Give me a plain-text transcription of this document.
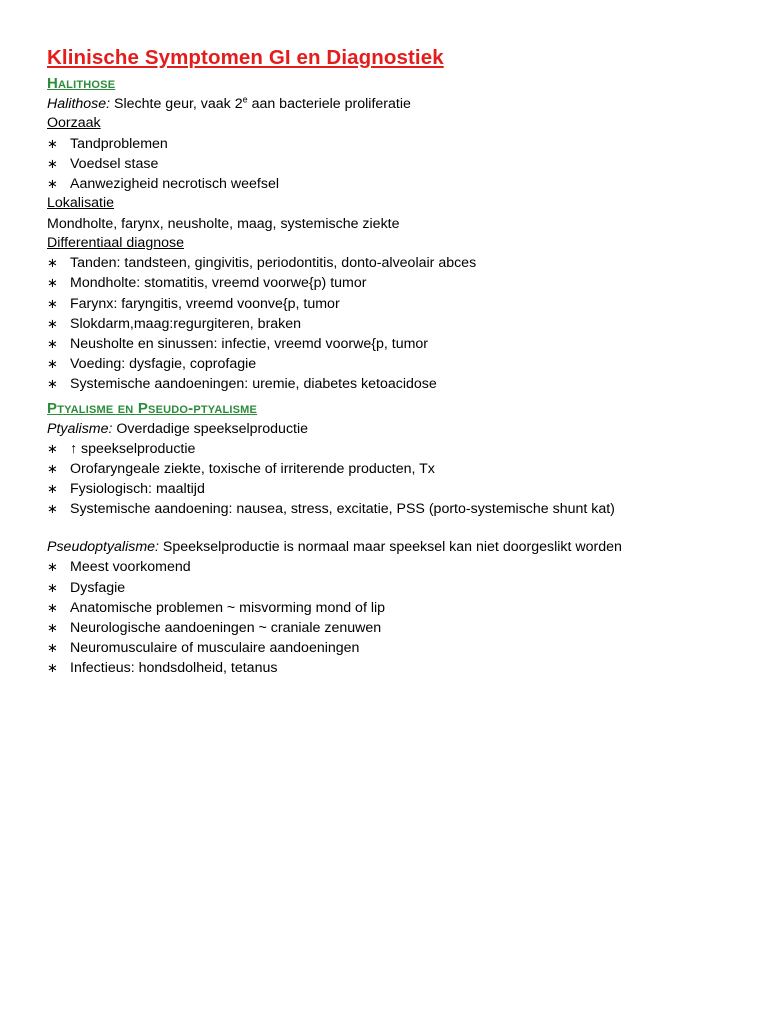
Klinische Symptomen GI en Diagnostiek
Halithose
Halithose: Slechte geur, vaak 2e aan bacteriele proliferatie
Oorzaak
∗ Tandproblemen
∗ Voedsel stase
∗ Aanwezigheid necrotisch weefsel
Lokalisatie
Mondholte, farynx, neusholte, maag, systemische ziekte
Differentiaal diagnose
∗ Tanden: tandsteen, gingivitis, periodontitis, donto-alveolair abces
∗ Mondholte: stomatitis, vreemd voorwe{p) tumor
∗ Farynx: faryngitis, vreemd voonve{p, tumor
∗ Slokdarm,maag:regurgiteren, braken
∗ Neusholte en sinussen: infectie, vreemd voorwe{p, tumor
∗ Voeding: dysfagie, coprofagie
∗ Systemische aandoeningen: uremie, diabetes ketoacidose
Ptyalisme en Pseudo-ptyalisme
Ptyalisme: Overdadige speekselproductie
∗ ↑ speekselproductie
∗ Orofaryngeale ziekte, toxische of irriterende producten, Tx
∗ Fysiologisch: maaltijd
∗ Systemische aandoening: nausea, stress, excitatie, PSS (porto-systemische shunt kat)
Pseudoptyalisme: Speekselproductie is normaal maar speeksel kan niet doorgeslikt worden
∗ Meest voorkomend
∗ Dysfagie
∗ Anatomische problemen ~ misvorming mond of lip
∗ Neurologische aandoeningen ~ craniale zenuwen
∗ Neuromusculaire of musculaire aandoeningen
∗ Infectieus: hondsdolheid, tetanus
